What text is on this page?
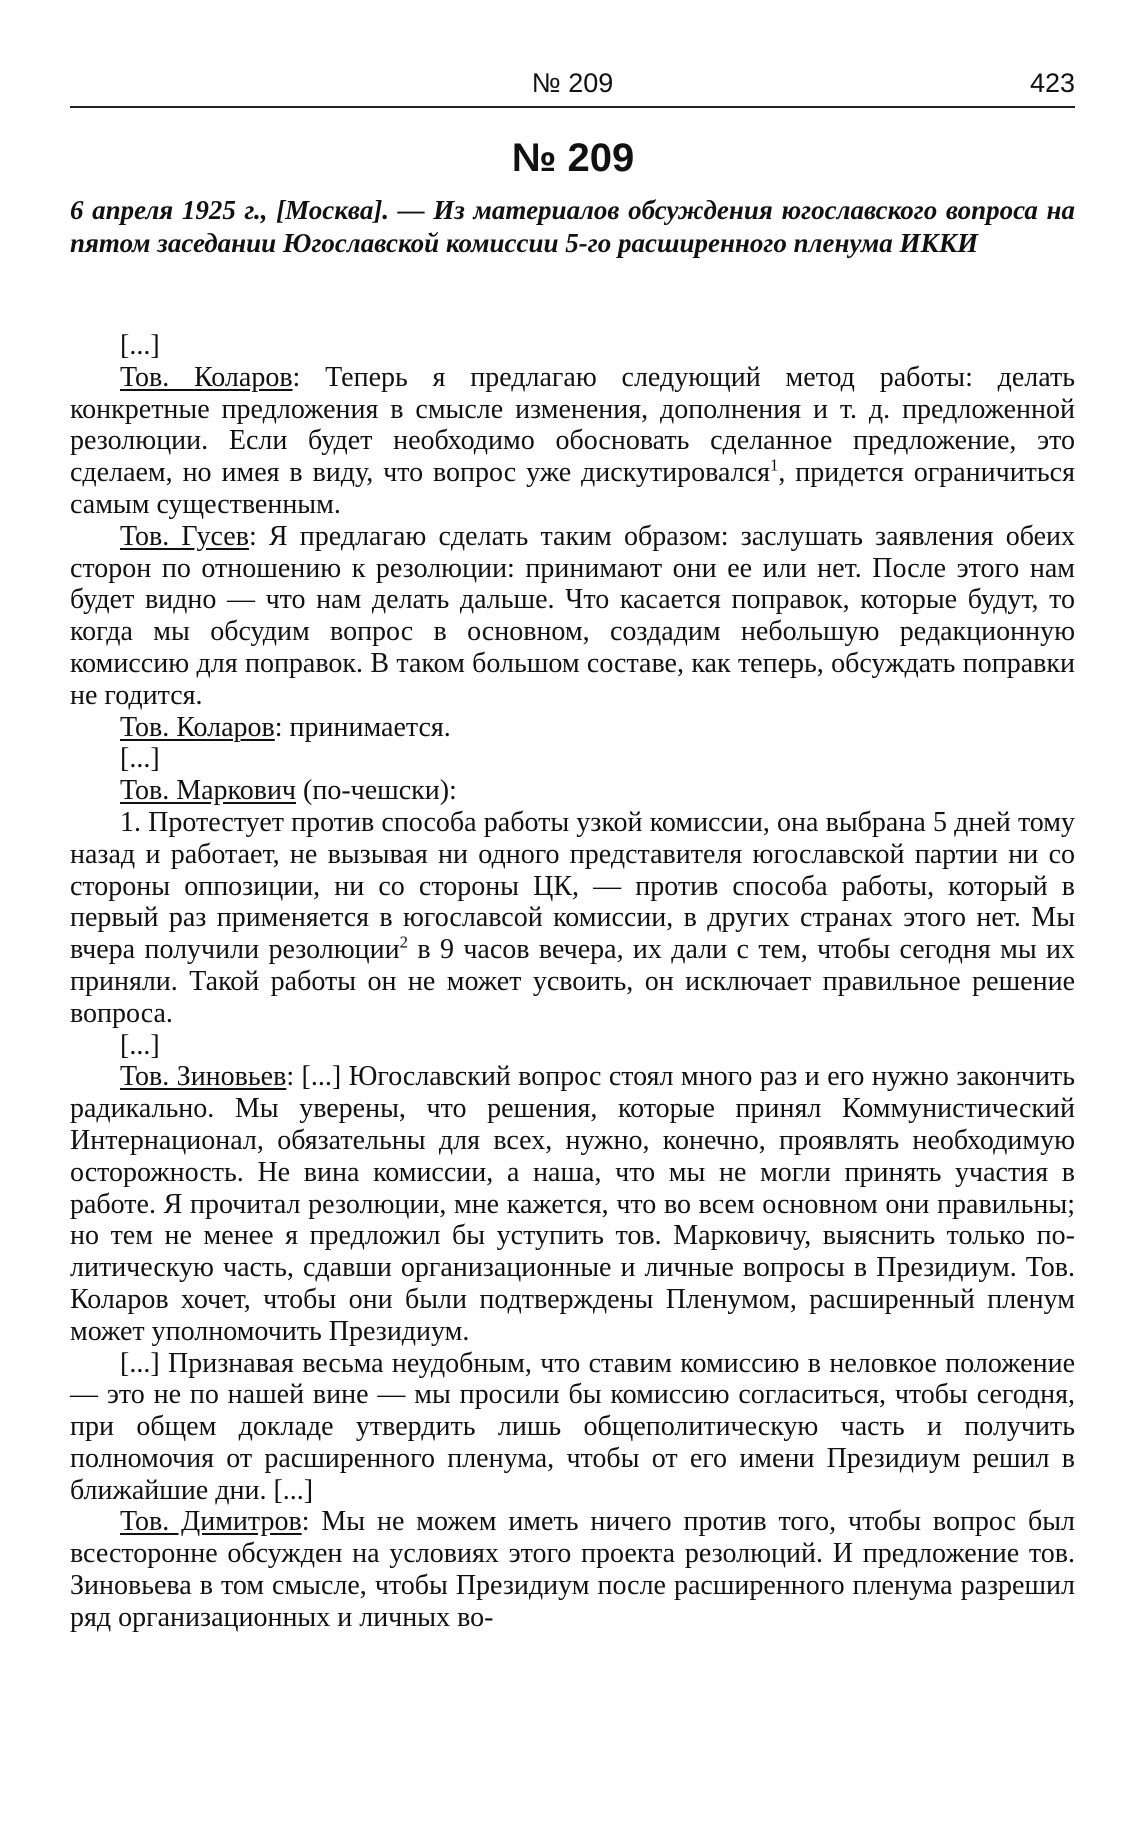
№ 209	423
№ 209
6 апреля 1925 г., [Москва]. — Из материалов обсуждения югославского вопроса на пятом заседании Югославской комиссии 5-го расширенного пленума ИККИ

[...]

Тов. Коларов: Теперь я предлагаю следующий метод работы: делать конкретные предложения в смысле изменения, дополнения и т. д. предложенной резолюции. Если будет необходимо обосновать сделанное предложение, это сделаем, но имея в виду, что вопрос уже дискутировался$^1$, придется ограничиться самым существенным.

Тов. Гусев: Я предлагаю сделать таким образом: заслушать заявления обеих сторон по отношению к резолюции: принимают они ее или нет. После этого нам будет видно — что нам делать дальше. Что касается поправок, которые будут, то когда мы обсудим вопрос в основном, создадим небольшую редакционную комиссию для поправок. В таком большом составе, как теперь, обсуждать поправки не годится.

Тов. Коларов: принимается.

[...]

Тов. Маркович (по-чешски):

1. Протестует против способа работы узкой комиссии, она выбрана 5 дней тому назад и работает, не вызывая ни одного представителя югославской партии ни со стороны оппозиции, ни со стороны ЦК, — против способа работы, который в первый раз применяется в югославсой комиссии, в других странах этого нет. Мы вчера получили резолюции$^2$ в 9 часов вечера, их дали с тем, чтобы сегодня мы их приняли. Такой работы он не может усвоить, он исключает правильное решение вопроса.

[...]

Тов. Зиновьев: [...] Югославский вопрос стоял много раз и его нужно закончить радикально. Мы уверены, что решения, которые принял Коммунистический Интернационал, обязательны для всех, нужно, конечно, проявлять необходимую осторожность. Не вина комиссии, а наша, что мы не могли принять участия в работе. Я прочитал резолюции, мне кажется, что во всем основном они правильны; но тем не менее я предложил бы уступить тов. Марковичу, выяснить только политическую часть, сдавши организационные и личные вопросы в Президиум. Тов. Коларов хочет, чтобы они были подтверждены Пленумом, расширенный пленум может уполномочить Президиум.

[...] Признавая весьма неудобным, что ставим комиссию в неловкое положение — это не по нашей вине — мы просили бы комиссию согласиться, чтобы сегодня, при общем докладе утвердить лишь общеполитическую часть и получить полномочия от расширенного пленума, чтобы от его имени Президиум решил в ближайшие дни. [...]

Тов. Димитров: Мы не можем иметь ничего против того, чтобы вопрос был всесторонне обсужден на условиях этого проекта резолюций. И предложение тов. Зиновьева в том смысле, чтобы Президиум после расширенного пленума разрешил ряд организационных и личных во-
